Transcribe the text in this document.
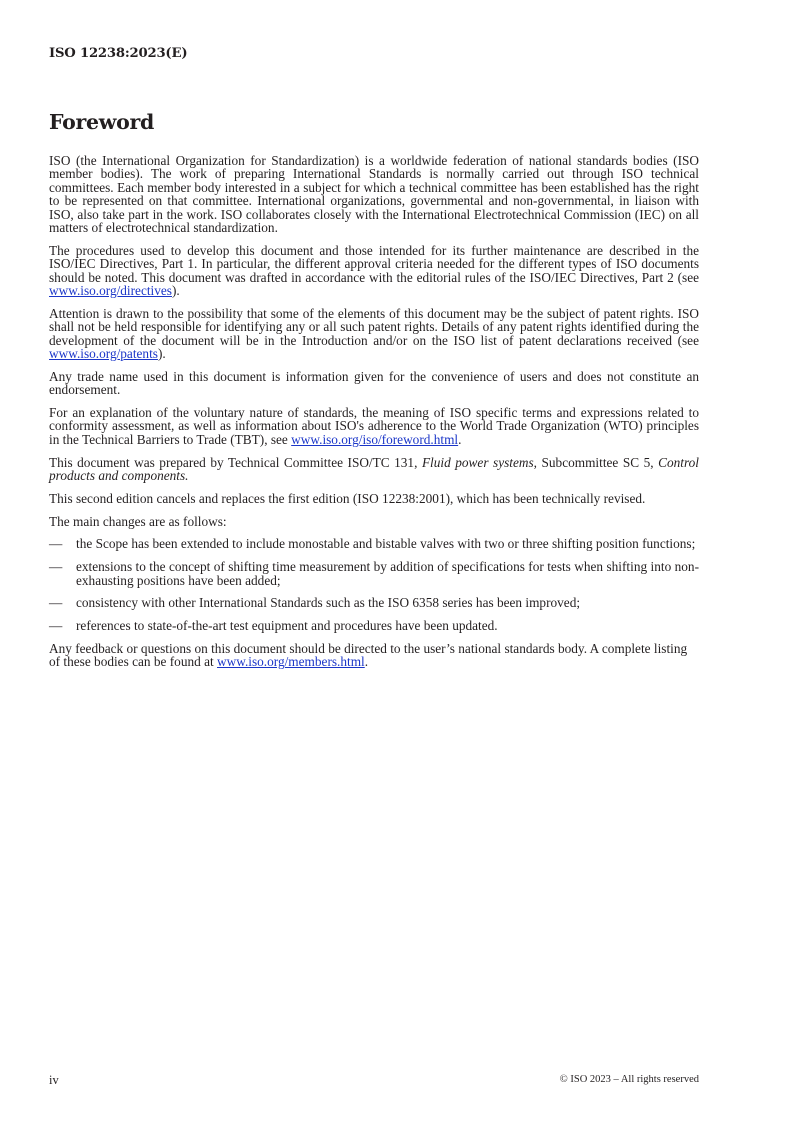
ISO 12238:2023(E)
Foreword

ISO (the International Organization for Standardization) is a worldwide federation of national standards bodies (ISO member bodies). The work of preparing International Standards is normally carried out through ISO technical committees. Each member body interested in a subject for which a technical committee has been established has the right to be represented on that committee. International organizations, governmental and non-governmental, in liaison with ISO, also take part in the work. ISO collaborates closely with the International Electrotechnical Commission (IEC) on all matters of electrotechnical standardization.

The procedures used to develop this document and those intended for its further maintenance are described in the ISO/IEC Directives, Part 1. In particular, the different approval criteria needed for the different types of ISO documents should be noted. This document was drafted in accordance with the editorial rules of the ISO/IEC Directives, Part 2 (see www.iso.org/directives).

Attention is drawn to the possibility that some of the elements of this document may be the subject of patent rights. ISO shall not be held responsible for identifying any or all such patent rights. Details of any patent rights identified during the development of the document will be in the Introduction and/or on the ISO list of patent declarations received (see www.iso.org/patents).

Any trade name used in this document is information given for the convenience of users and does not constitute an endorsement.

For an explanation of the voluntary nature of standards, the meaning of ISO specific terms and expressions related to conformity assessment, as well as information about ISO's adherence to the World Trade Organization (WTO) principles in the Technical Barriers to Trade (TBT), see www.iso.org/iso/foreword.html.

This document was prepared by Technical Committee ISO/TC 131, Fluid power systems, Subcommittee SC 5, Control products and components.

This second edition cancels and replaces the first edition (ISO 12238:2001), which has been technically revised.

The main changes are as follows:

— the Scope has been extended to include monostable and bistable valves with two or three shifting position functions;
— extensions to the concept of shifting time measurement by addition of specifications for tests when shifting into non-exhausting positions have been added;
— consistency with other International Standards such as the ISO 6358 series has been improved;
— references to state-of-the-art test equipment and procedures have been updated.

Any feedback or questions on this document should be directed to the user’s national standards body. A complete listing of these bodies can be found at www.iso.org/members.html.

iv	© ISO 2023 – All rights reserved
